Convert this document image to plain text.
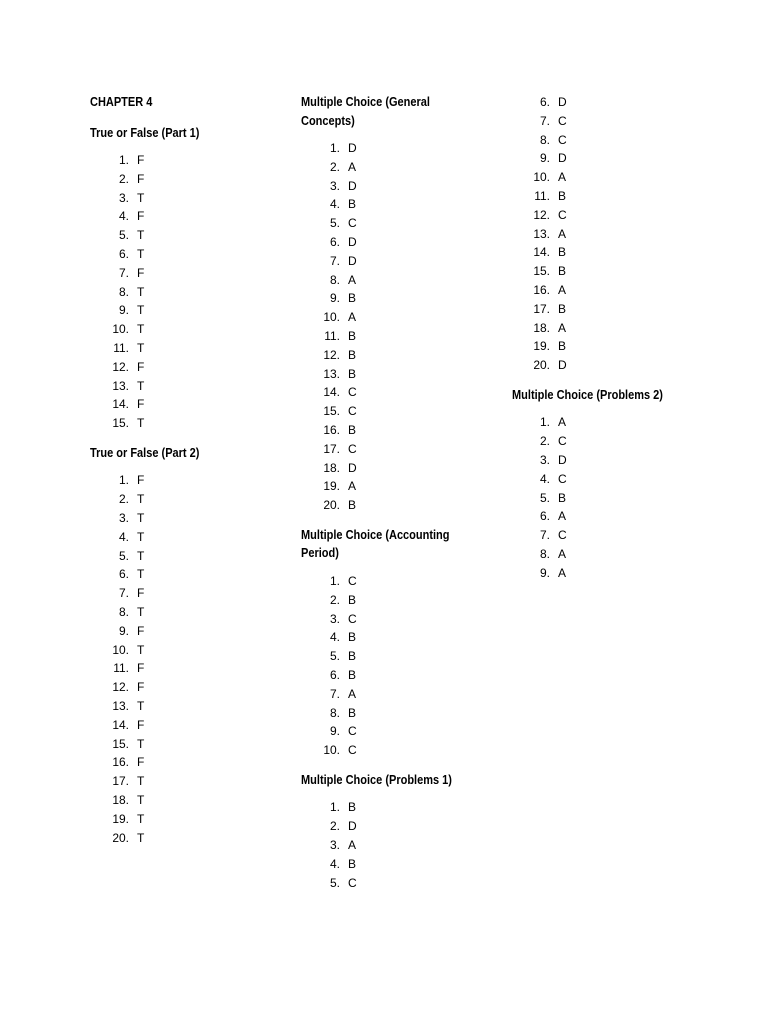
CHAPTER 4
True or False (Part 1)
1. F
2. F
3. T
4. F
5. T
6. T
7. F
8. T
9. T
10. T
11. T
12. F
13. T
14. F
15. T
True or False (Part 2)
1. F
2. T
3. T
4. T
5. T
6. T
7. F
8. T
9. F
10. T
11. F
12. F
13. T
14. F
15. T
16. F
17. T
18. T
19. T
20. T
Multiple Choice (General Concepts)
1. D
2. A
3. D
4. B
5. C
6. D
7. D
8. A
9. B
10. A
11. B
12. B
13. B
14. C
15. C
16. B
17. C
18. D
19. A
20. B
Multiple Choice (Accounting Period)
1. C
2. B
3. C
4. B
5. B
6. B
7. A
8. B
9. C
10. C
Multiple Choice (Problems 1)
1. B
2. D
3. A
4. B
5. C
6. D
7. C
8. C
9. D
10. A
11. B
12. C
13. A
14. B
15. B
16. A
17. B
18. A
19. B
20. D
Multiple Choice (Problems 2)
1. A
2. C
3. D
4. C
5. B
6. A
7. C
8. A
9. A
